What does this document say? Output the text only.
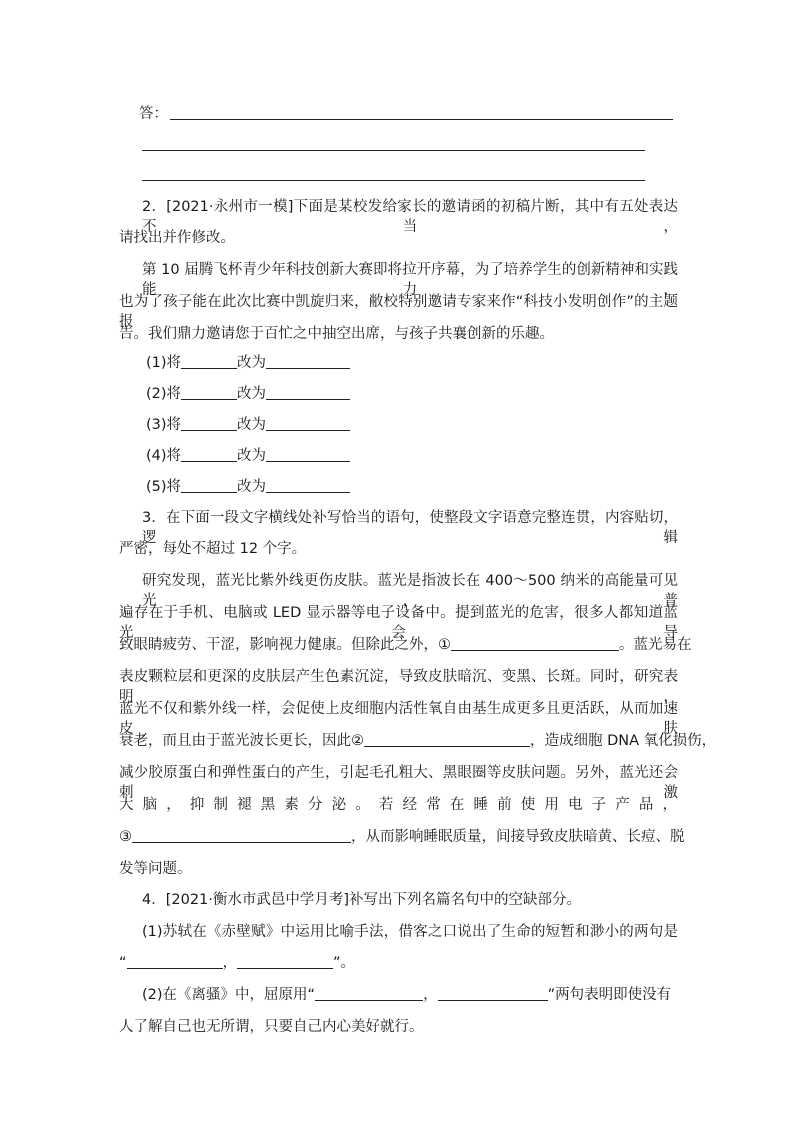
答：
2．[2021·永州市一模]下面是某校发给家长的邀请函的初稿片断，其中有五处表达不当，
请找出并作修改。
第 10 届腾飞杯青少年科技创新大赛即将拉开序幕，为了培养学生的创新精神和实践能力，
也为了孩子能在此次比赛中凯旋归来，敝校特别邀请专家来作“科技小发明创作”的主题报
告。我们鼎力邀请您于百忙之中抽空出席，与孩子共襄创新的乐趣。
(1)将	改为
(2)将	改为
(3)将	改为
(4)将	改为
(5)将	改为
3．在下面一段文字横线处补写恰当的语句，使整段文字语意完整连贯，内容贴切，逻辑
严密，每处不超过 12 个字。
研究发现，蓝光比紫外线更伤皮肤。蓝光是指波长在 400～500 纳米的高能量可见光，普
遍存在于手机、电脑或 LED 显示器等电子设备中。提到蓝光的危害，很多人都知道蓝光会导
致眼睛疲劳、干涩，影响视力健康。但除此之外，①	。蓝光易在
表皮颗粒层和更深的皮肤层产生色素沉淀，导致皮肤暗沉、变黑、长斑。同时，研究表明，
蓝光不仅和紫外线一样，会促使上皮细胞内活性氧自由基生成更多且更活跃，从而加速皮肤
衰老，而且由于蓝光波长更长，因此②	，造成细胞 DNA 氧化损伤，
减少胶原蛋白和弹性蛋白的产生，引起毛孔粗大、黑眼圈等皮肤问题。另外，蓝光还会刺激
大脑，抑制褪黑素分泌。若经常在睡前使用电子产品，
③	，从而影响睡眠质量，间接导致皮肤暗黄、长痘、脱
发等问题。
4．[2021·衡水市武邑中学月考]补写出下列名篇名句中的空缺部分。
(1)苏轼在《赤壁赋》中运用比喻手法，借客之口说出了生命的短暂和渺小的两句是
“	，	”。
(2)在《离骚》中，屈原用“	，	”两句表明即使没有
人了解自己也无所谓，只要自己内心美好就行。
